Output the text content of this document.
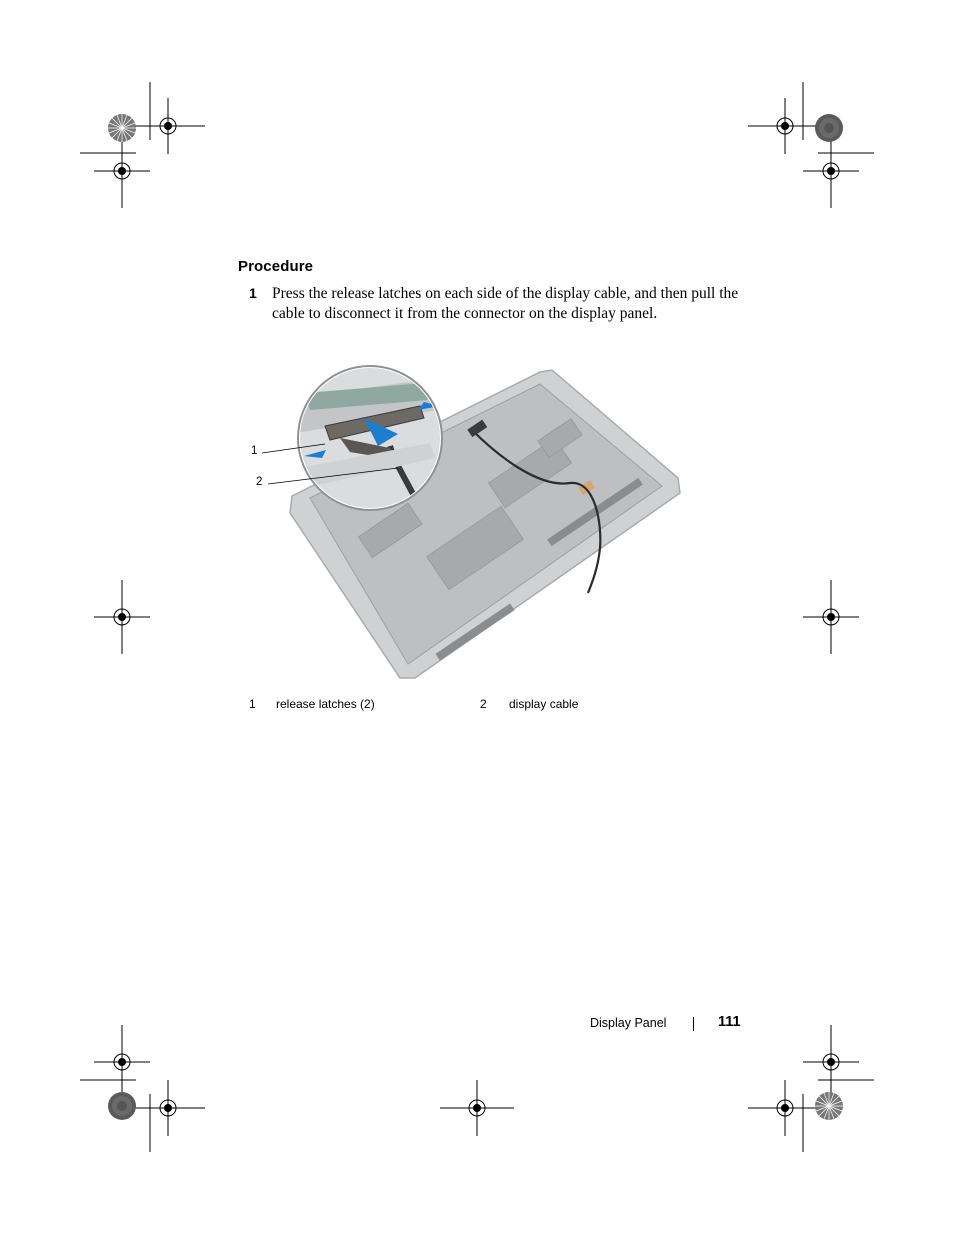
Procedure
1 Press the release latches on each side of the display cable, and then pull the cable to disconnect it from the connector on the display panel.
1
2
1 release latches (2)	2 display cable
Display Panel	111
